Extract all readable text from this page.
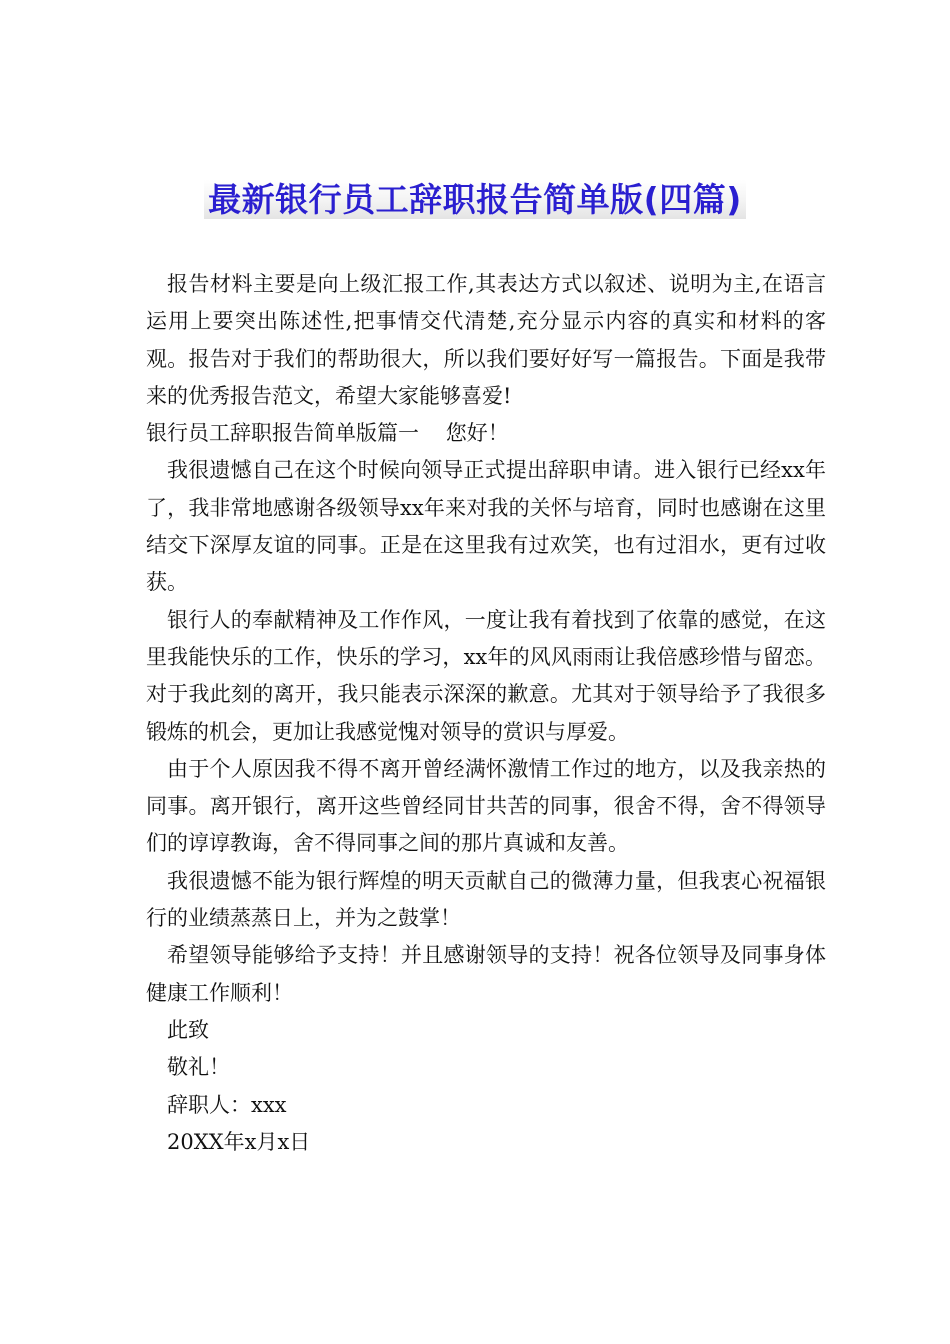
最新银行员工辞职报告简单版(四篇)

报告材料主要是向上级汇报工作,其表达方式以叙述、说明为主,在语言运用上要突出陈述性,把事情交代清楚,充分显示内容的真实和材料的客观。报告对于我们的帮助很大，所以我们要好好写一篇报告。下面是我带来的优秀报告范文，希望大家能够喜爱!

银行员工辞职报告简单版篇一 您好！

我很遗憾自己在这个时候向领导正式提出辞职申请。进入银行已经xx年了，我非常地感谢各级领导xx年来对我的关怀与培育，同时也感谢在这里结交下深厚友谊的同事。正是在这里我有过欢笑，也有过泪水，更有过收获。

银行人的奉献精神及工作作风，一度让我有着找到了依靠的感觉，在这里我能快乐的工作，快乐的学习，xx年的风风雨雨让我倍感珍惜与留恋。对于我此刻的离开，我只能表示深深的歉意。尤其对于领导给予了我很多锻炼的机会，更加让我感觉愧对领导的赏识与厚爱。

由于个人原因我不得不离开曾经满怀激情工作过的地方，以及我亲热的同事。离开银行，离开这些曾经同甘共苦的同事，很舍不得，舍不得领导们的谆谆教诲，舍不得同事之间的那片真诚和友善。

我很遗憾不能为银行辉煌的明天贡献自己的微薄力量，但我衷心祝福银行的业绩蒸蒸日上，并为之鼓掌！

希望领导能够给予支持！并且感谢领导的支持！祝各位领导及同事身体健康工作顺利！

此致

敬礼！

辞职人：xxx

20XX年x月x日
